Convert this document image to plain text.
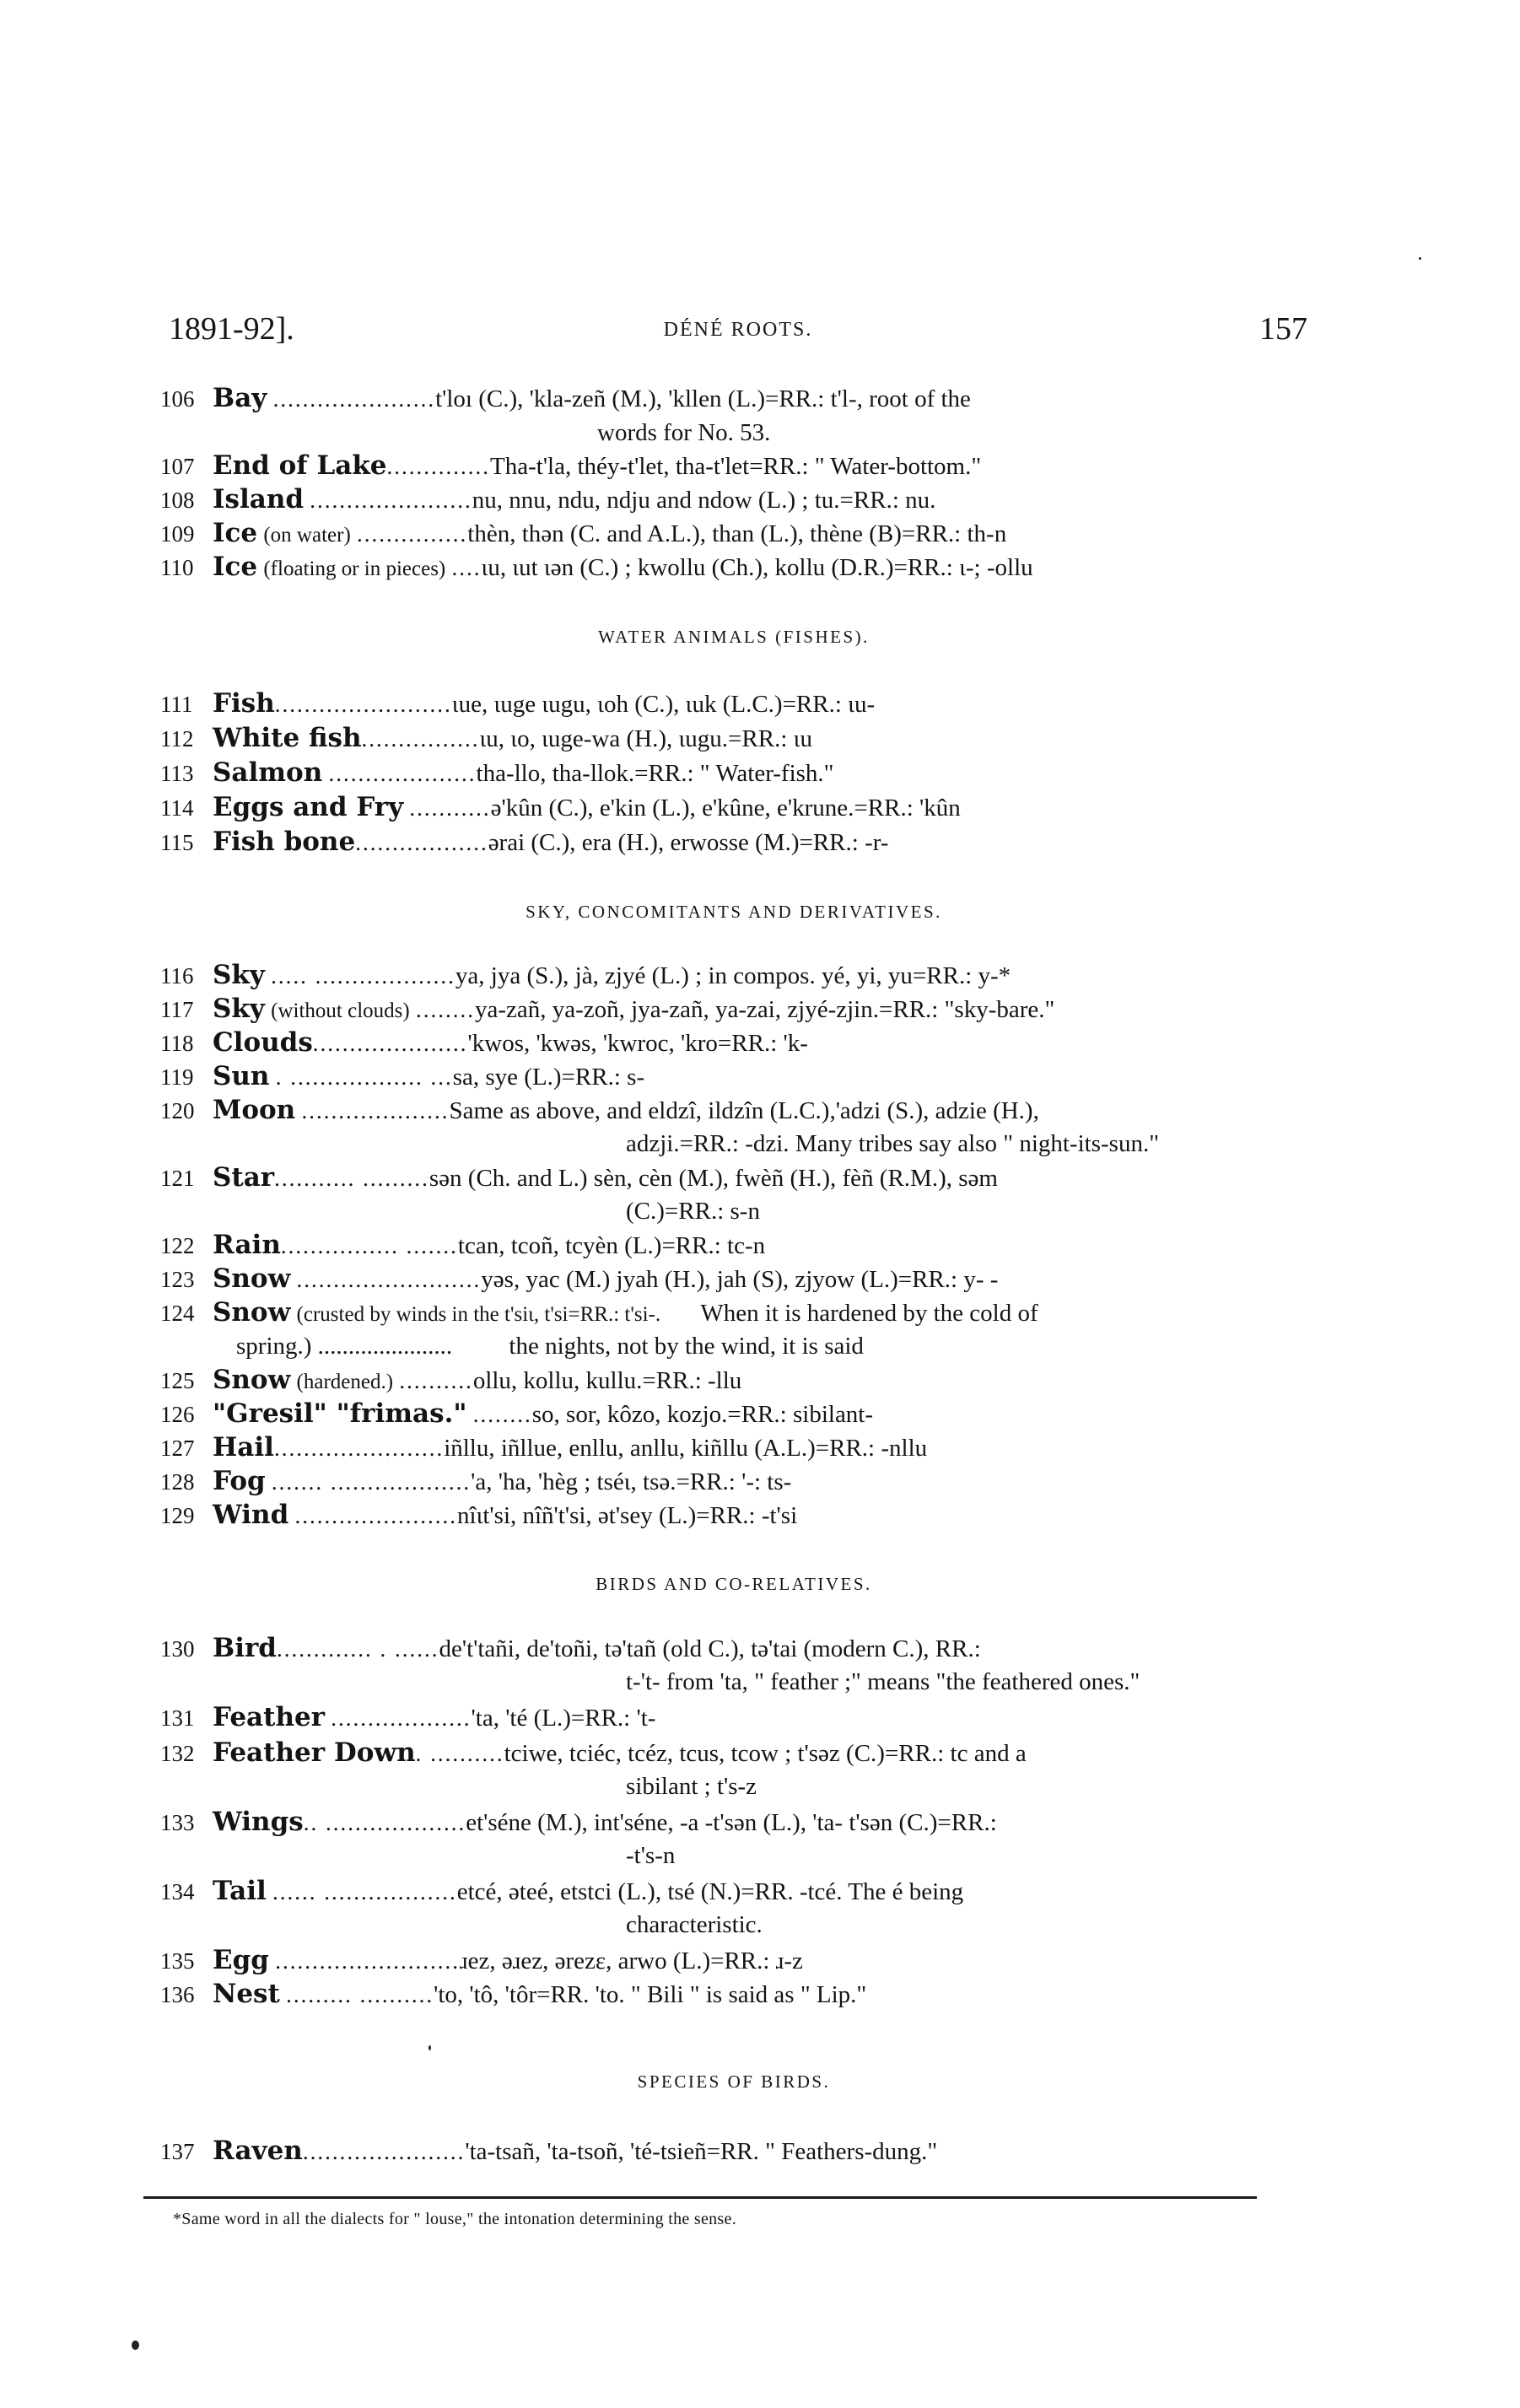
1891-92].	DÉNÉ ROOTS.	157
106 Bay ......................t'loı (C.), 'kla-zeñ (M.), 'kllen (L.)=RR.: t'l-, root of the
words for No. 53.
107 End of Lake..............Tha-t'la, théy-t'let, tha-t'let=RR.: " Water-bottom."
108 Island ......................nu, nnu, ndu, ndju and ndow (L.) ; tu.=RR.: nu.
109 Ice (on water) ...............thèn, thən (C. and A.L.), than (L.), thène (B)=RR.: th-n
110 Ice (floating or in pieces) ....ɩu, ɩut ɩən (C.) ; kwollu (Ch.), kollu (D.R.)=RR.: ɩ-; -ollu
WATER ANIMALS (FISHES).
111 Fish........................ɩue, ɩuge ɩugu, ɩoh (C.), ɩuk (L.C.)=RR.: ɩu-
112 White fish................ɩu, ɩo, ɩuge-wa (H.), ɩugu.=RR.: ɩu
113 Salmon ....................tha-llo, tha-llok.=RR.: " Water-fish."
114 Eggs and Fry ...........ə'kûn (C.), e'kin (L.), e'kûne, e'krune.=RR.: 'kûn
115 Fish bone..................ərai (C.), era (H.), erwosse (M.)=RR.: -r-
SKY, CONCOMITANTS AND DERIVATIVES.
116 Sky ..... ...................ya, jya (S.), jà, zjyé (L.) ; in compos. yé, yi, yu=RR.: y-*
117 Sky (without clouds) ........ya-zañ, ya-zoñ, jya-zañ, ya-zai, zjyé-zjin.=RR.: "sky-bare."
118 Clouds.....................'kwos, 'kwəs, 'kwroc, 'kro=RR.: 'k-
119 Sun . .................. ...sa, sye (L.)=RR.: s-
120 Moon ....................Same as above, and eldzî, ildzîn (L.C.),'adzi (S.), adzie (H.),
adzji.=RR.: -dzi. Many tribes say also " night-its-sun."
121 Star........... .........sən (Ch. and L.) sèn, cèn (M.), fwèñ (H.), fèñ (R.M.), səm
(C.)=RR.: s-n
122 Rain................ .......tcan, tcoñ, tcyèn (L.)=RR.: tc-n
123 Snow .........................yəs, yac (M.) jyah (H.), jah (S), zjyow (L.)=RR.: y- -
124 Snow (crusted by winds in the t'siɩ, t'si=RR.: t'si-. When it is hardened by the cold of
spring.) ...................... the nights, not by the wind, it is said
125 Snow (hardened.) ..........ollu, kollu, kullu.=RR.: -llu
126 "Gresil" "frimas." ........so, sor, kôzo, kozjo.=RR.: sibilant-
127 Hail.......................iñllu, iñllue, enllu, anllu, kiñllu (A.L.)=RR.: -nllu
128 Fog ....... ...................'a, 'ha, 'hèg ; tséɩ, tsə.=RR.: '-: ts-
129 Wind ......................nîɩt'si, nîñ't'si, ət'sey (L.)=RR.: -t'si
BIRDS AND CO-RELATIVES.
130 Bird............. . ......de't'tañi, de'toñi, tə'tañ (old C.), tə'tai (modern C.), RR.:
t-'t- from 'ta, " feather ;" means "the feathered ones."
131 Feather ...................'ta, 'té (L.)=RR.: 't-
132 Feather Down. ..........tciwe, tciéc, tcéz, tcus, tcow ; t'səz (C.)=RR.: tc and a
sibilant ; t's-z
133 Wings.. ...................et'séne (M.), int'séne, -a -t'sən (L.), 'ta- t'sən (C.)=RR.:
-t's-n
134 Tail ...... ..................etcé, əteé, etstci (L.), tsé (N.)=RR. -tcé. The é being
characteristic.
135 Egg .........................ɹez, əɹez, ərezε, arwo (L.)=RR.: ɹ-z
136 Nest ......... ..........'to, 'tô, 'tôr=RR. 'to. " Bili " is said as " Lip."
SPECIES OF BIRDS.
137 Raven......................'ta-tsañ, 'ta-tsoñ, 'té-tsieñ=RR. " Feathers-dung."
*Same word in all the dialects for " louse," the intonation determining the sense.
